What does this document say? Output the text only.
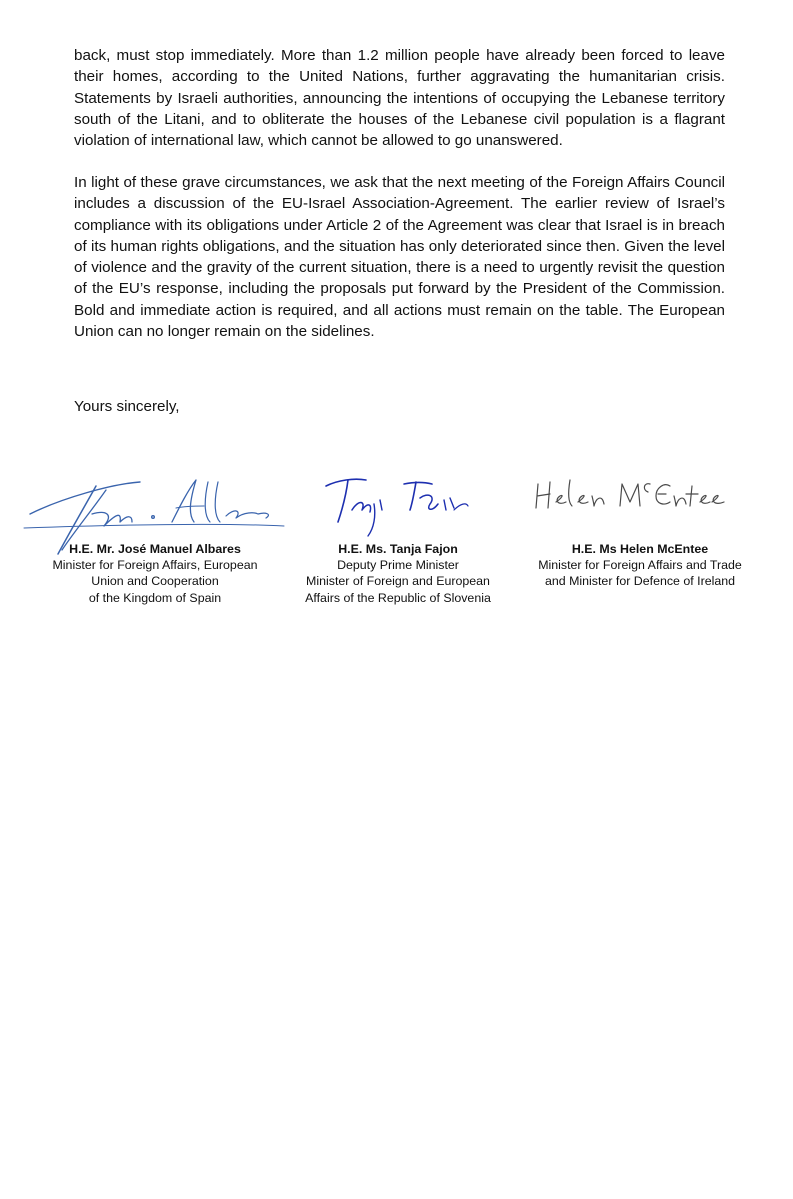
back, must stop immediately. More than 1.2 million people have already been forced to leave their homes, according to the United Nations, further aggravating the humanitarian crisis. Statements by Israeli authorities, announcing the intentions of occupying the Lebanese territory south of the Litani, and to obliterate the houses of the Lebanese civil population is a flagrant violation of international law, which cannot be allowed to go unanswered.

In light of these grave circumstances, we ask that the next meeting of the Foreign Affairs Council includes a discussion of the EU-Israel Association-Agreement. The earlier review of Israel’s compliance with its obligations under Article 2 of the Agreement was clear that Israel is in breach of its human rights obligations, and the situation has only deteriorated since then. Given the level of violence and the gravity of the current situation, there is a need to urgently revisit the question of the EU’s response, including the proposals put forward by the President of the Commission. Bold and immediate action is required, and all actions must remain on the table. The European Union can no longer remain on the sidelines.

Yours sincerely,

H.E. Mr. José Manuel Albares
Minister for Foreign Affairs, European
Union and Cooperation
of the Kingdom of Spain
H.E. Ms. Tanja Fajon
Deputy Prime Minister
Minister of Foreign and European
Affairs of the Republic of Slovenia
H.E. Ms Helen McEntee
Minister for Foreign Affairs and Trade
and Minister for Defence of Ireland
